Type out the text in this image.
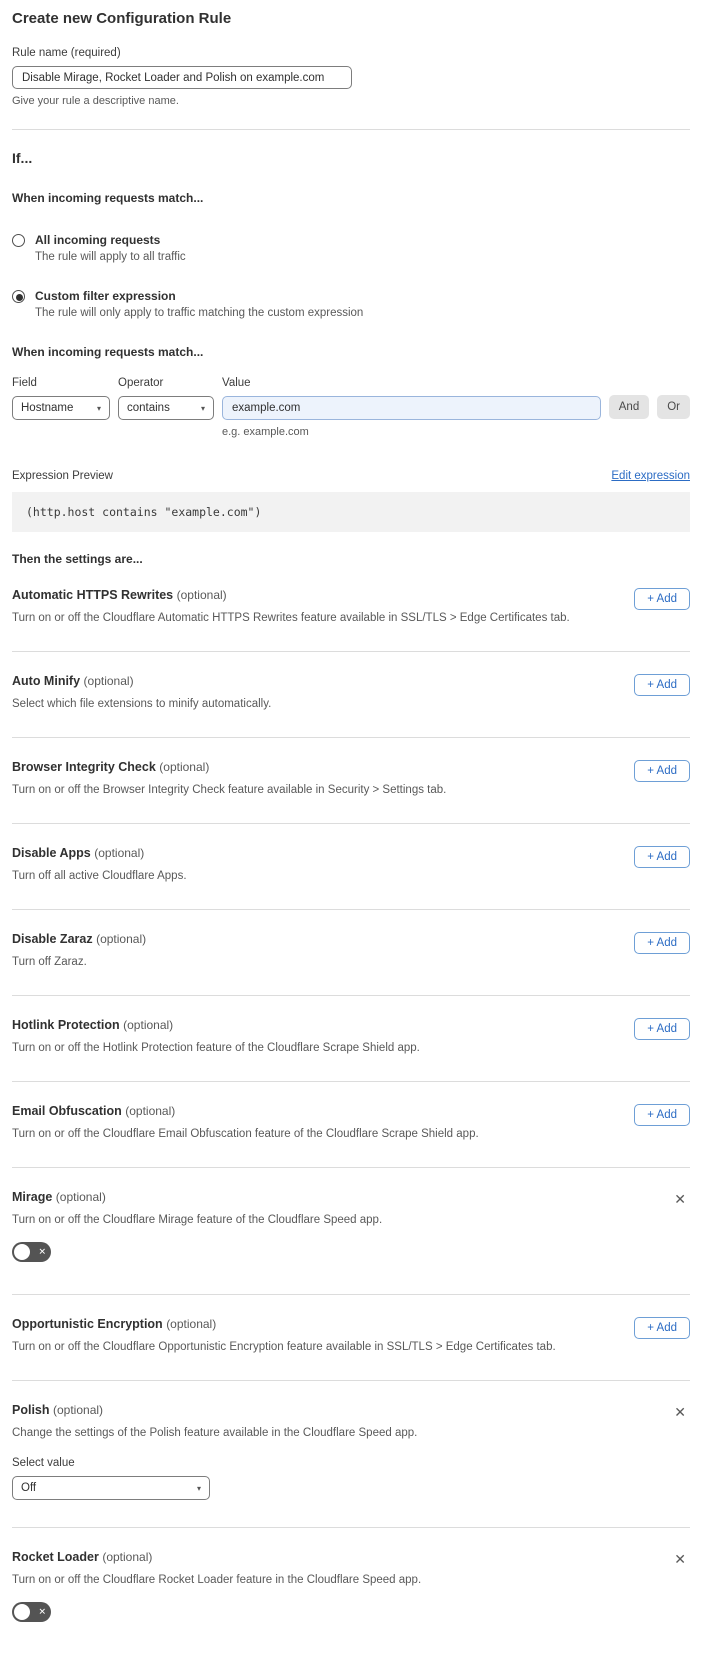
Create new Configuration Rule
Rule name (required)
Disable Mirage, Rocket Loader and Polish on example.com
Give your rule a descriptive name.
If...
When incoming requests match...
All incoming requests
The rule will apply to all traffic
Custom filter expression
The rule will only apply to traffic matching the custom expression
When incoming requests match...
Field
Hostname	▾
Operator
contains	▾
Value
example.com
e.g. example.com
And	Or
Expression Preview	Edit expression
(http.host contains "example.com")
Then the settings are...
Automatic HTTPS Rewrites (optional)
Turn on or off the Cloudflare Automatic HTTPS Rewrites feature available in SSL/TLS > Edge Certificates tab.
+ Add
Auto Minify (optional)
Select which file extensions to minify automatically.
+ Add
Browser Integrity Check (optional)
Turn on or off the Browser Integrity Check feature available in Security > Settings tab.
+ Add
Disable Apps (optional)
Turn off all active Cloudflare Apps.
+ Add
Disable Zaraz (optional)
Turn off Zaraz.
+ Add
Hotlink Protection (optional)
Turn on or off the Hotlink Protection feature of the Cloudflare Scrape Shield app.
+ Add
Email Obfuscation (optional)
Turn on or off the Cloudflare Email Obfuscation feature of the Cloudflare Scrape Shield app.
+ Add
Mirage (optional)
Turn on or off the Cloudflare Mirage feature of the Cloudflare Speed app.
✕
✕
Opportunistic Encryption (optional)
Turn on or off the Cloudflare Opportunistic Encryption feature available in SSL/TLS > Edge Certificates tab.
+ Add
Polish (optional)
Change the settings of the Polish feature available in the Cloudflare Speed app.
Select value
Off	▾
✕
Rocket Loader (optional)
Turn on or off the Cloudflare Rocket Loader feature in the Cloudflare Speed app.
✕
✕
